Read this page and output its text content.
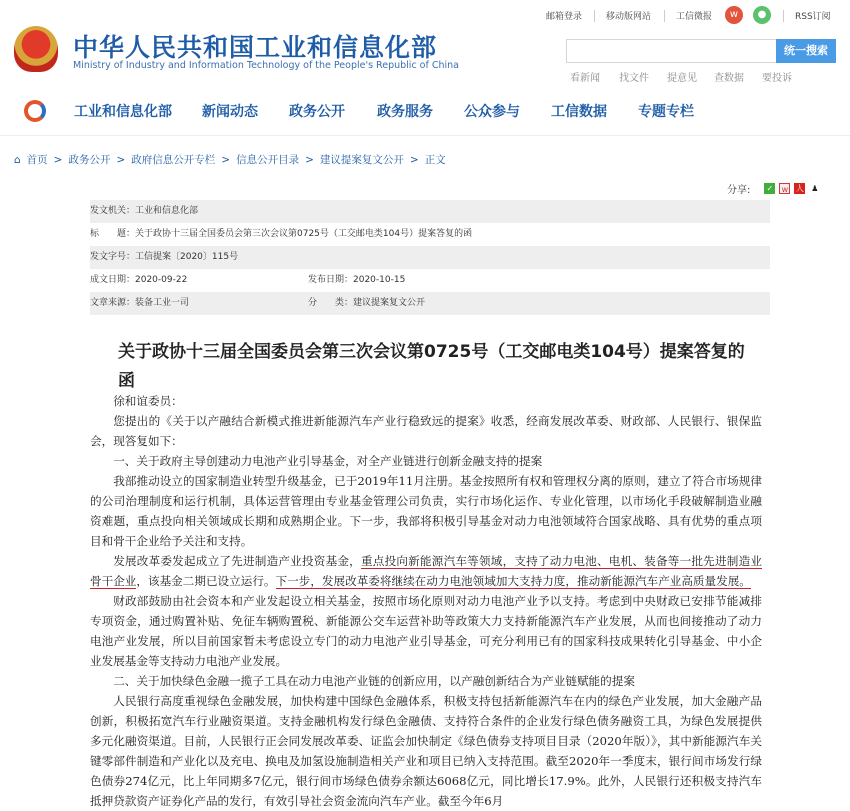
中华人民共和国工业和信息化部
Ministry of Industry and Information Technology of the People's Republic of China
邮箱登录	移动版网站	工信微报	w	●	RSS订阅
统一搜索
看新闻 找文件 提意见 查数据 要投诉
工业和信息化部 新闻动态 政务公开 政务服务 公众参与 工信数据 专题专栏
⌂ 首页 > 政务公开 > 政府信息公开专栏 > 信息公开目录 > 建议提案复文公开 > 正文
分享: ✓ w 人 ♟
发文机关：工业和信息化部
标　　题：关于政协十三届全国委员会第三次会议第0725号（工交邮电类104号）提案答复的函
发文字号：工信提案〔2020〕115号
成文日期：2020-09-22	发布日期：2020-10-15
文章来源：装备工业一司	分　　类：建议提案复文公开
关于政协十三届全国委员会第三次会议第0725号（工交邮电类104号）提案答复的函

徐和谊委员：

您提出的《关于以产融结合新模式推进新能源汽车产业行稳致远的提案》收悉，经商发展改革委、财政部、人民银行、银保监会，现答复如下：

一、关于政府主导创建动力电池产业引导基金，对全产业链进行创新金融支持的提案

我部推动设立的国家制造业转型升级基金，已于2019年11月注册。基金按照所有权和管理权分离的原则，建立了符合市场规律的公司治理制度和运行机制，具体运营管理由专业基金管理公司负责，实行市场化运作、专业化管理，以市场化手段破解制造业融资难题，重点投向相关领域成长期和成熟期企业。下一步，我部将积极引导基金对动力电池领域符合国家战略、具有优势的重点项目和骨干企业给予关注和支持。

发展改革委发起成立了先进制造产业投资基金，重点投向新能源汽车等领域，支持了动力电池、电机、装备等一批先进制造业骨干企业，该基金二期已设立运行。下一步，发展改革委将继续在动力电池领域加大支持力度，推动新能源汽车产业高质量发展。

财政部鼓励由社会资本和产业发起设立相关基金，按照市场化原则对动力电池产业予以支持。考虑到中央财政已安排节能减排专项资金，通过购置补贴、免征车辆购置税、新能源公交车运营补助等政策大力支持新能源汽车产业发展，从而也间接推动了动力电池产业发展，所以目前国家暂未考虑设立专门的动力电池产业引导基金，可充分利用已有的国家科技成果转化引导基金、中小企业发展基金等支持动力电池产业发展。

二、关于加快绿色金融一揽子工具在动力电池产业链的创新应用，以产融创新结合为产业链赋能的提案

人民银行高度重视绿色金融发展，加快构建中国绿色金融体系，积极支持包括新能源汽车在内的绿色产业发展，加大金融产品创新，积极拓宽汽车行业融资渠道。支持金融机构发行绿色金融债、支持符合条件的企业发行绿色债务融资工具，为绿色发展提供多元化融资渠道。目前，人民银行正会同发展改革委、证监会加快制定《绿色债券支持项目目录（2020年版）》，其中新能源汽车关键零部件制造和产业化以及充电、换电及加氢设施制造相关产业和项目已纳入支持范围。截至2020年一季度末，银行间市场发行绿色债券274亿元，比上年同期多7亿元，银行间市场绿色债券余额达6068亿元，同比增长17.9%。此外，人民银行还积极支持汽车抵押贷款资产证券化产品的发行，有效引导社会资金流向汽车产业。截至今年6月
